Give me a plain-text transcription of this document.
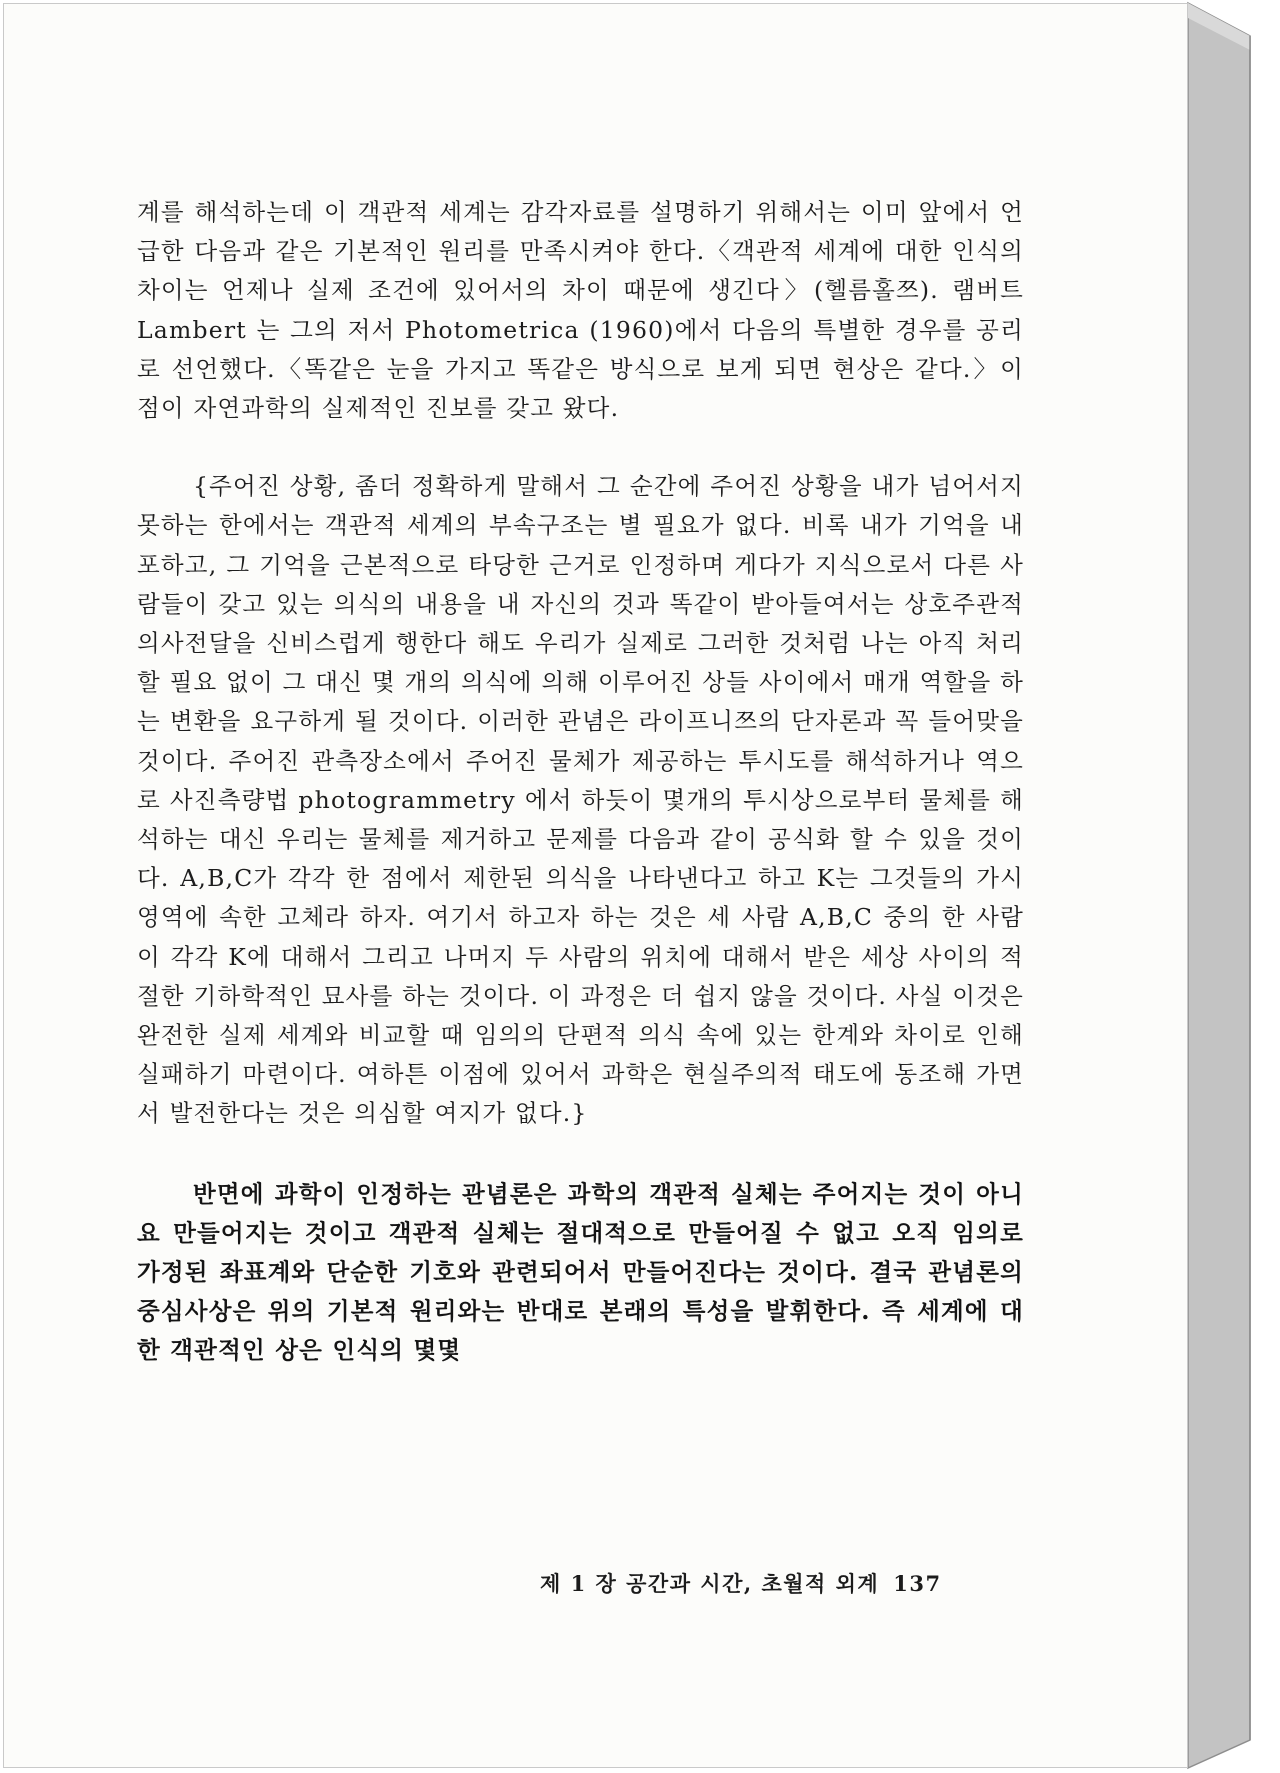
계를 해석하는데 이 객관적 세계는 감각자료를 설명하기 위해서는 이미 앞에서 언급한 다음과 같은 기본적인 원리를 만족시켜야 한다.〈객관적 세계에 대한 인식의 차이는 언제나 실제 조건에 있어서의 차이 때문에 생긴다〉(헬름홀쯔). 램버트 Lambert 는 그의 저서 Photometrica (1960)에서 다음의 특별한 경우를 공리로 선언했다.〈똑같은 눈을 가지고 똑같은 방식으로 보게 되면 현상은 같다.〉이 점이 자연과학의 실제적인 진보를 갖고 왔다.

{주어진 상황, 좀더 정확하게 말해서 그 순간에 주어진 상황을 내가 넘어서지 못하는 한에서는 객관적 세계의 부속구조는 별 필요가 없다. 비록 내가 기억을 내포하고, 그 기억을 근본적으로 타당한 근거로 인정하며 게다가 지식으로서 다른 사람들이 갖고 있는 의식의 내용을 내 자신의 것과 똑같이 받아들여서는 상호주관적 의사전달을 신비스럽게 행한다 해도 우리가 실제로 그러한 것처럼 나는 아직 처리할 필요 없이 그 대신 몇 개의 의식에 의해 이루어진 상들 사이에서 매개 역할을 하는 변환을 요구하게 될 것이다. 이러한 관념은 라이프니쯔의 단자론과 꼭 들어맞을 것이다. 주어진 관측장소에서 주어진 물체가 제공하는 투시도를 해석하거나 역으로 사진측량법 photogrammetry 에서 하듯이 몇개의 투시상으로부터 물체를 해석하는 대신 우리는 물체를 제거하고 문제를 다음과 같이 공식화 할 수 있을 것이다. A,B,C가 각각 한 점에서 제한된 의식을 나타낸다고 하고 K는 그것들의 가시 영역에 속한 고체라 하자. 여기서 하고자 하는 것은 세 사람 A,B,C 중의 한 사람이 각각 K에 대해서 그리고 나머지 두 사람의 위치에 대해서 받은 세상 사이의 적절한 기하학적인 묘사를 하는 것이다. 이 과정은 더 쉽지 않을 것이다. 사실 이것은 완전한 실제 세계와 비교할 때 임의의 단편적 의식 속에 있는 한계와 차이로 인해 실패하기 마련이다. 여하튼 이점에 있어서 과학은 현실주의적 태도에 동조해 가면서 발전한다는 것은 의심할 여지가 없다.}

반면에 과학이 인정하는 관념론은 과학의 객관적 실체는 주어지는 것이 아니요 만들어지는 것이고 객관적 실체는 절대적으로 만들어질 수 없고 오직 임의로 가정된 좌표계와 단순한 기호와 관련되어서 만들어진다는 것이다. 결국 관념론의 중심사상은 위의 기본적 원리와는 반대로 본래의 특성을 발휘한다. 즉 세계에 대한 객관적인 상은 인식의 몇몇

제 1 장 공간과 시간, 초월적 외계 137
